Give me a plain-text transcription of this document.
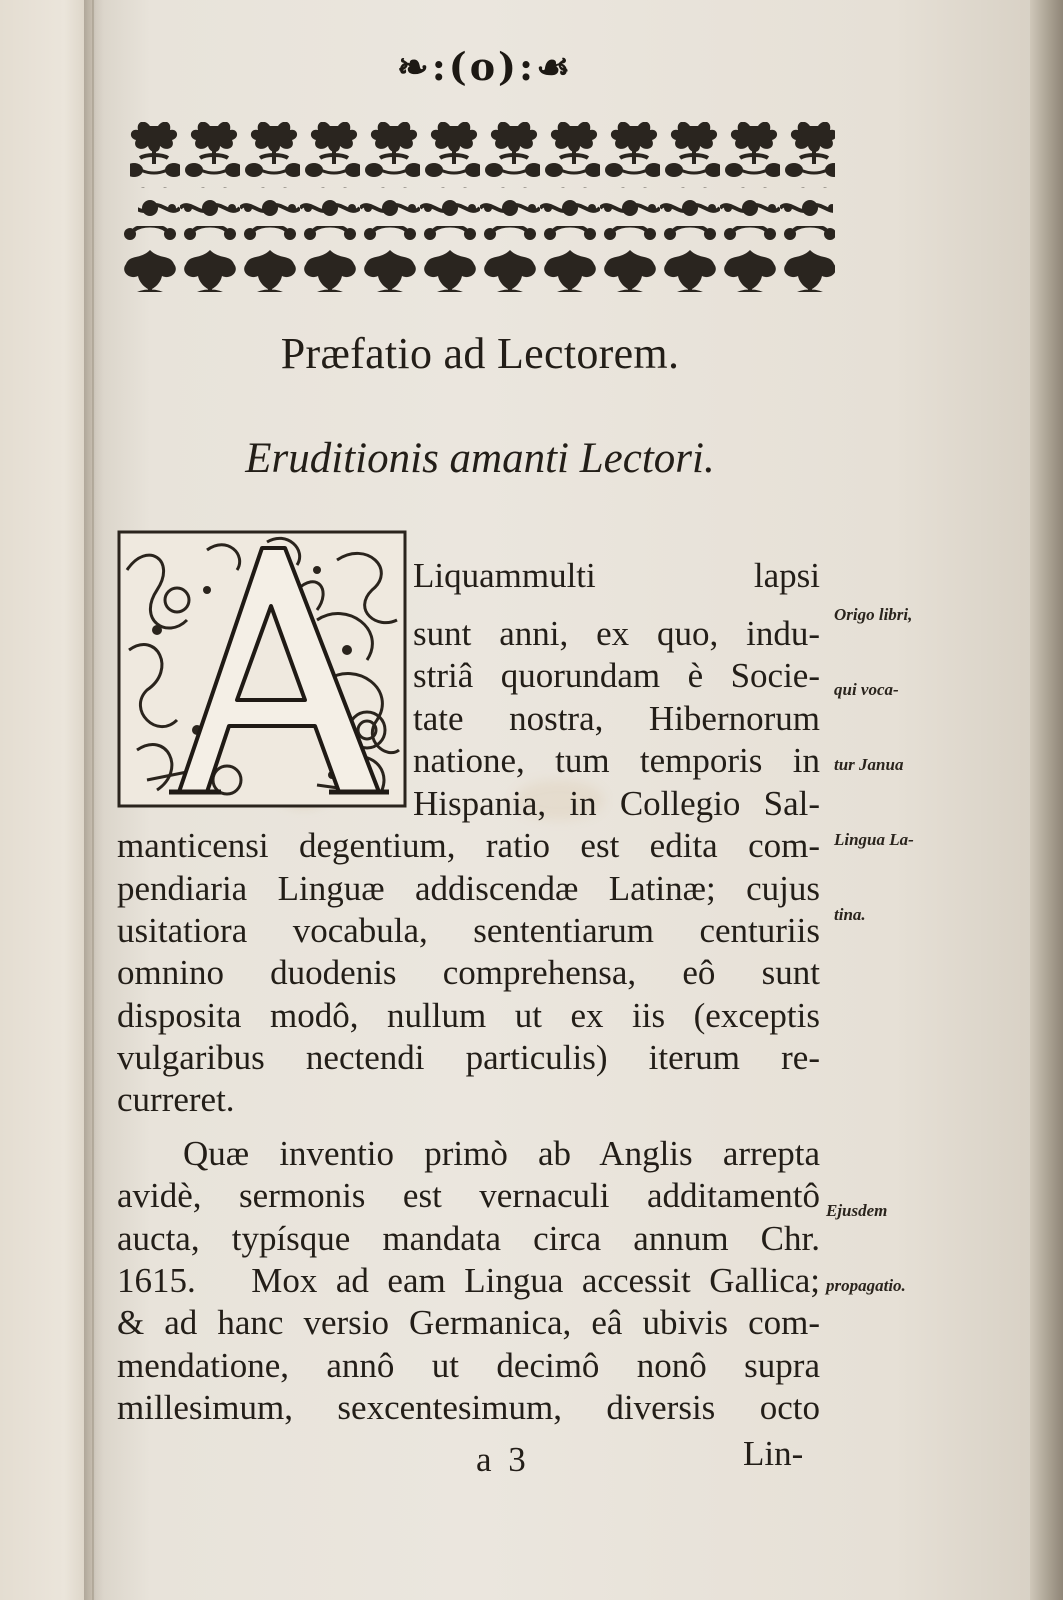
❧:(o):☙
Præfatio ad Lectorem.
Eruditionis amanti Lectori.
A
Liquammulti lapsi
sunt anni, ex quo, indu-
striâ quorundam è Socie-
tate nostra, Hibernorum
natione, tum temporis in
Hispania, in Collegio Sal-
manticensi degentium, ratio est edita com-
pendiaria Linguæ addiscendæ Latinæ; cujus
usitatiora vocabula, sententiarum centuriis
omnino duodenis comprehensa, eô sunt
disposita modô, nullum ut ex iis (exceptis
vulgaribus nectendi particulis) iterum re-
curreret.
Quæ inventio primò ab Anglis arrepta
avidè, sermonis est vernaculi additamentô
aucta, typísque mandata circa annum Chr.
1615.   Mox ad eam Lingua accessit Gallica;
& ad hanc versio Germanica, eâ ubivis com-
mendatione, annô ut decimô nonô supra
millesimum, sexcentesimum, diversis octo

Origo libri,

qui voca-

tur Janua

Lingua La-

tina.

Ejusdem

propagatio.

a 3	Lin-
